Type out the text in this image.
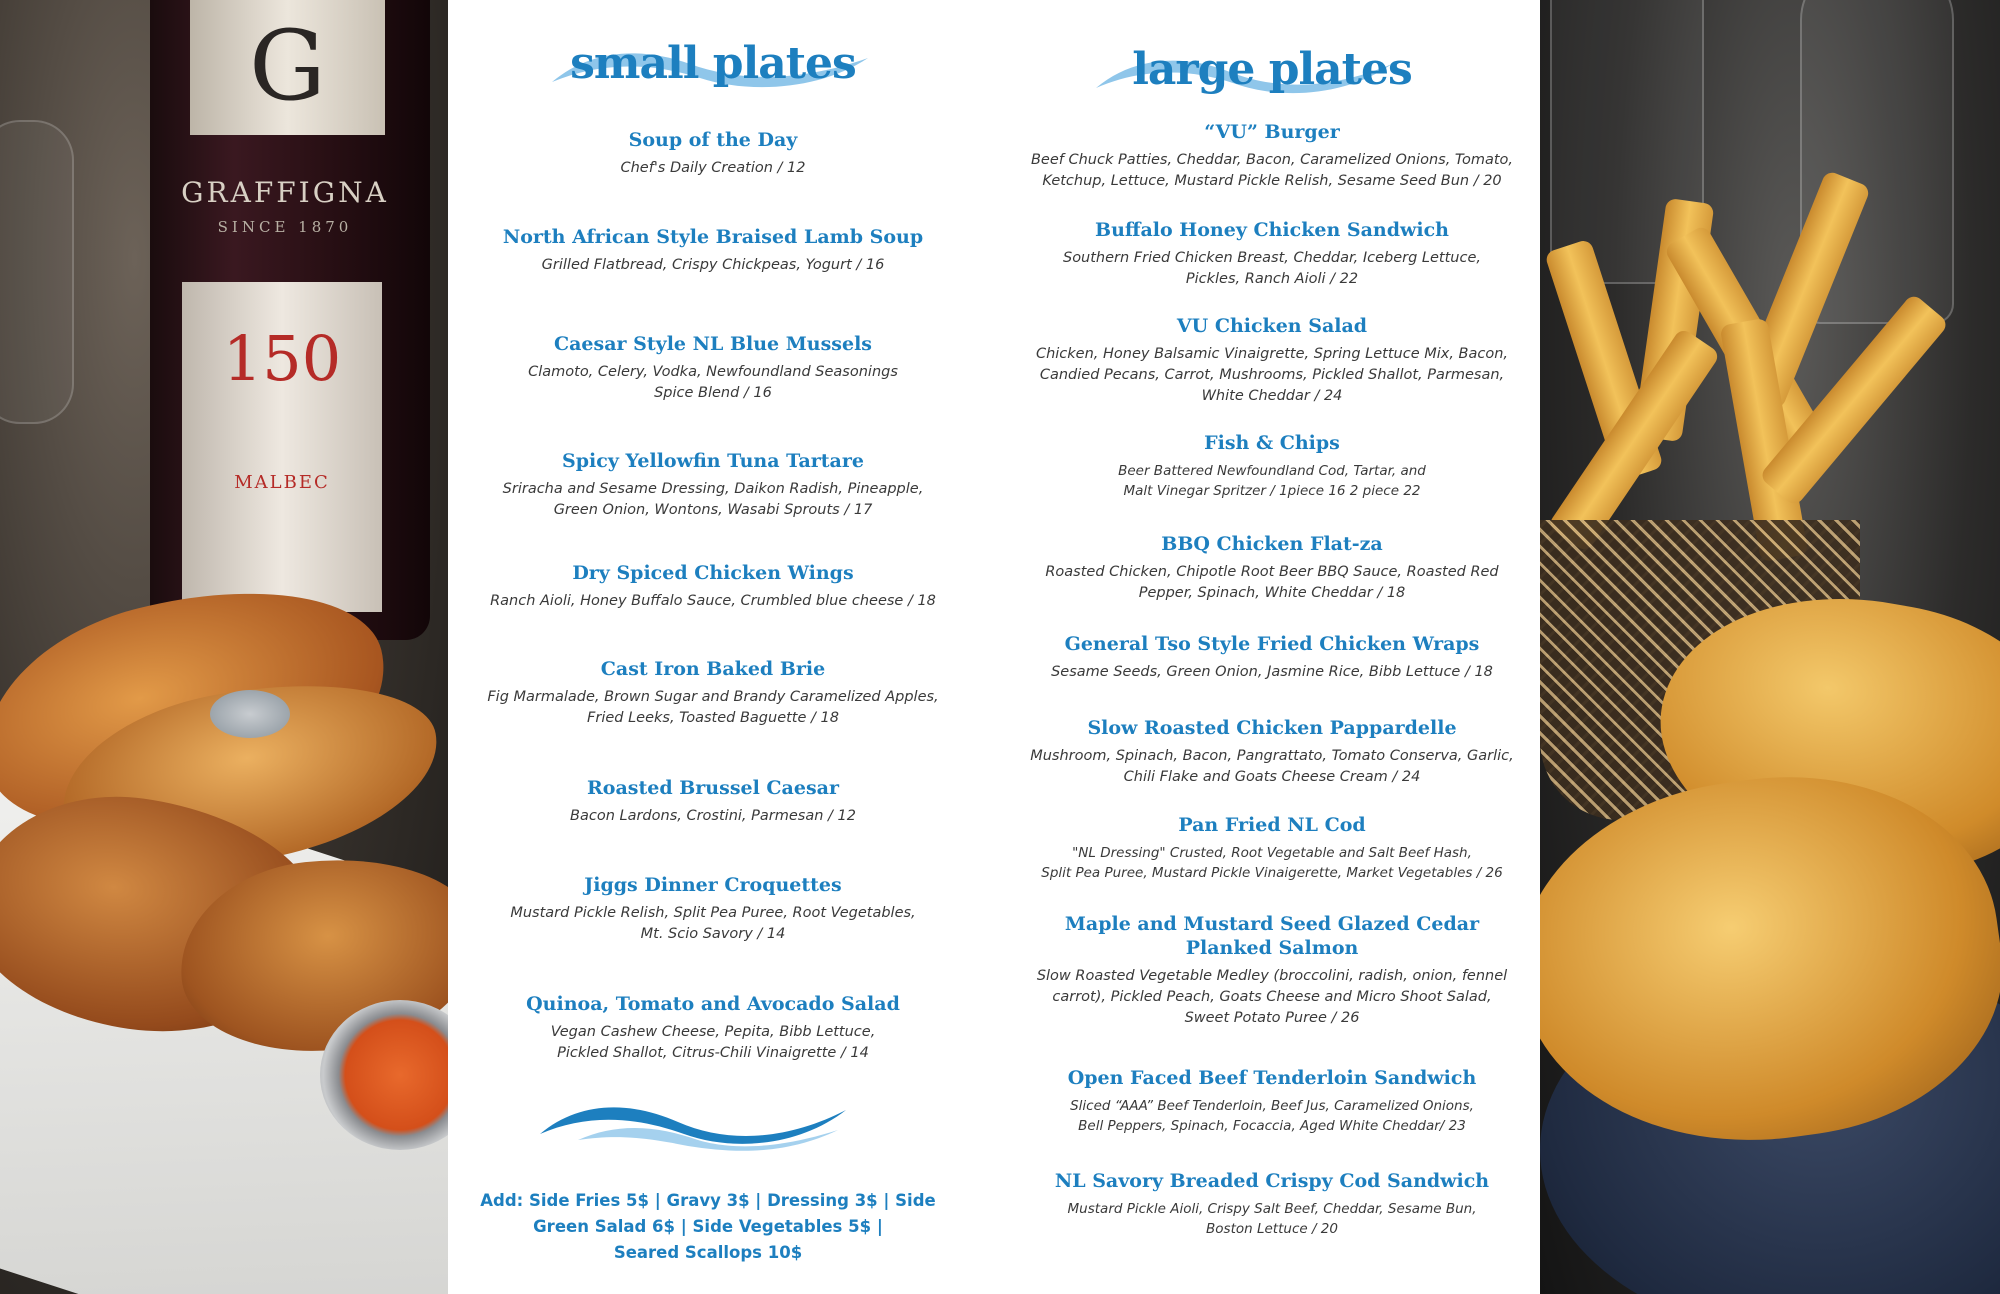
G
GRAFFIGNA
SINCE 1870
150
MALBEC
small plates
Soup of the Day
Chef's Daily Creation / 12
North African Style Braised Lamb Soup
Grilled Flatbread, Crispy Chickpeas, Yogurt / 16
Caesar Style NL Blue Mussels
Clamoto, Celery, Vodka, Newfoundland Seasonings
Spice Blend / 16
Spicy Yellowfin Tuna Tartare
Sriracha and Sesame Dressing, Daikon Radish, Pineapple,
Green Onion, Wontons, Wasabi Sprouts / 17
Dry Spiced Chicken Wings
Ranch Aioli, Honey Buffalo Sauce, Crumbled blue cheese / 18
Cast Iron Baked Brie
Fig Marmalade, Brown Sugar and Brandy Caramelized Apples,
Fried Leeks, Toasted Baguette / 18
Roasted Brussel Caesar
Bacon Lardons, Crostini, Parmesan / 12
Jiggs Dinner Croquettes
Mustard Pickle Relish, Split Pea Puree, Root Vegetables,
Mt. Scio Savory / 14
Quinoa, Tomato and Avocado Salad
Vegan Cashew Cheese, Pepita, Bibb Lettuce,
Pickled Shallot, Citrus-Chili Vinaigrette / 14
Add: Side Fries 5$ | Gravy 3$ | Dressing 3$ | Side
Green Salad 6$ | Side Vegetables 5$ |
Seared Scallops 10$
large plates
“VU” Burger
Beef Chuck Patties, Cheddar, Bacon, Caramelized Onions, Tomato,
Ketchup, Lettuce, Mustard Pickle Relish, Sesame Seed Bun / 20
Buffalo Honey Chicken Sandwich
Southern Fried Chicken Breast, Cheddar, Iceberg Lettuce,
Pickles, Ranch Aioli / 22
VU Chicken Salad
Chicken, Honey Balsamic Vinaigrette, Spring Lettuce Mix, Bacon,
Candied Pecans, Carrot, Mushrooms, Pickled Shallot, Parmesan,
White Cheddar / 24
Fish & Chips
Beer Battered Newfoundland Cod, Tartar, and
Malt Vinegar Spritzer / 1piece 16 2 piece 22
BBQ Chicken Flat-za
Roasted Chicken, Chipotle Root Beer BBQ Sauce, Roasted Red
Pepper, Spinach, White Cheddar / 18
General Tso Style Fried Chicken Wraps
Sesame Seeds, Green Onion, Jasmine Rice, Bibb Lettuce / 18
Slow Roasted Chicken Pappardelle
Mushroom, Spinach, Bacon, Pangrattato, Tomato Conserva, Garlic,
Chili Flake and Goats Cheese Cream / 24
Pan Fried NL Cod
"NL Dressing" Crusted, Root Vegetable and Salt Beef Hash,
Split Pea Puree, Mustard Pickle Vinaigerette, Market Vegetables / 26
Maple and Mustard Seed Glazed Cedar
Planked Salmon
Slow Roasted Vegetable Medley (broccolini, radish, onion, fennel
carrot), Pickled Peach, Goats Cheese and Micro Shoot Salad,
Sweet Potato Puree / 26
Open Faced Beef Tenderloin Sandwich
Sliced “AAA” Beef Tenderloin, Beef Jus, Caramelized Onions,
Bell Peppers, Spinach, Focaccia, Aged White Cheddar/ 23
NL Savory Breaded Crispy Cod Sandwich
Mustard Pickle Aioli, Crispy Salt Beef, Cheddar, Sesame Bun,
Boston Lettuce / 20
